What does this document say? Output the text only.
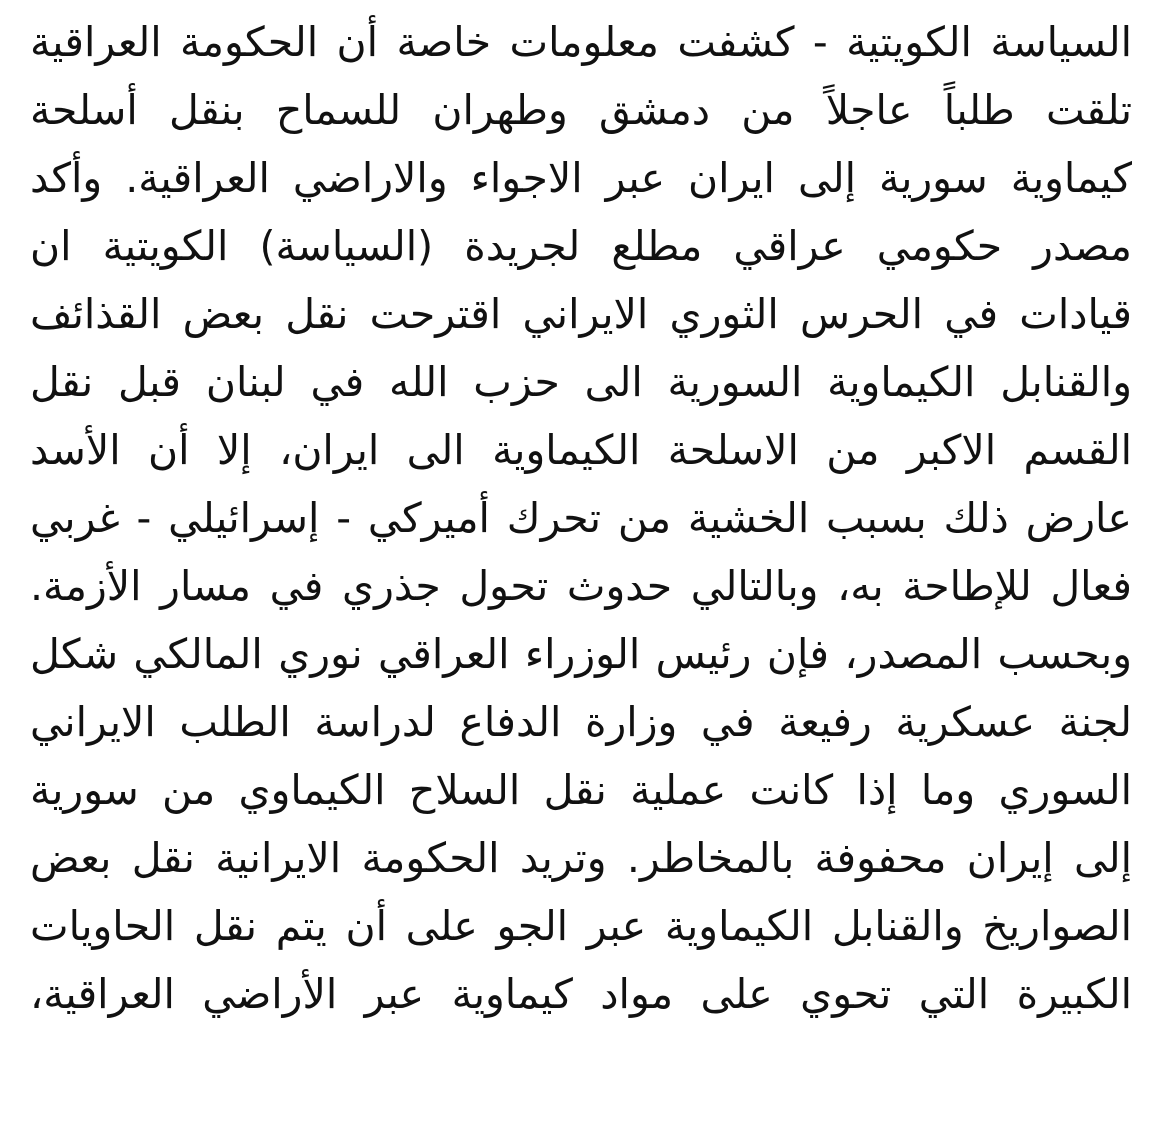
السياسة الكويتية - كشفت معلومات خاصة أن الحكومة العراقية
تلقت طلباً عاجلاً من دمشق وطهران للسماح بنقل أسلحة
كيماوية سورية إلى ايران عبر الاجواء والاراضي العراقية. وأكد
مصدر حكومي عراقي مطلع لجريدة (السياسة) الكويتية ان
قيادات في الحرس الثوري الايراني اقترحت نقل بعض القذائف
والقنابل الكيماوية السورية الى حزب الله في لبنان قبل نقل
القسم الاكبر من الاسلحة الكيماوية الى ايران، إلا أن الأسد
عارض ذلك بسبب الخشية من تحرك أميركي - إسرائيلي - غربي
فعال للإطاحة به، وبالتالي حدوث تحول جذري في مسار الأزمة.
وبحسب المصدر، فإن رئيس الوزراء العراقي نوري المالكي شكل
لجنة عسكرية رفيعة في وزارة الدفاع لدراسة الطلب الايراني
السوري وما إذا كانت عملية نقل السلاح الكيماوي من سورية
إلى إيران محفوفة بالمخاطر. وتريد الحكومة الايرانية نقل بعض
الصواريخ والقنابل الكيماوية عبر الجو على أن يتم نقل الحاويات
الكبيرة التي تحوي على مواد كيماوية عبر الأراضي العراقية،
